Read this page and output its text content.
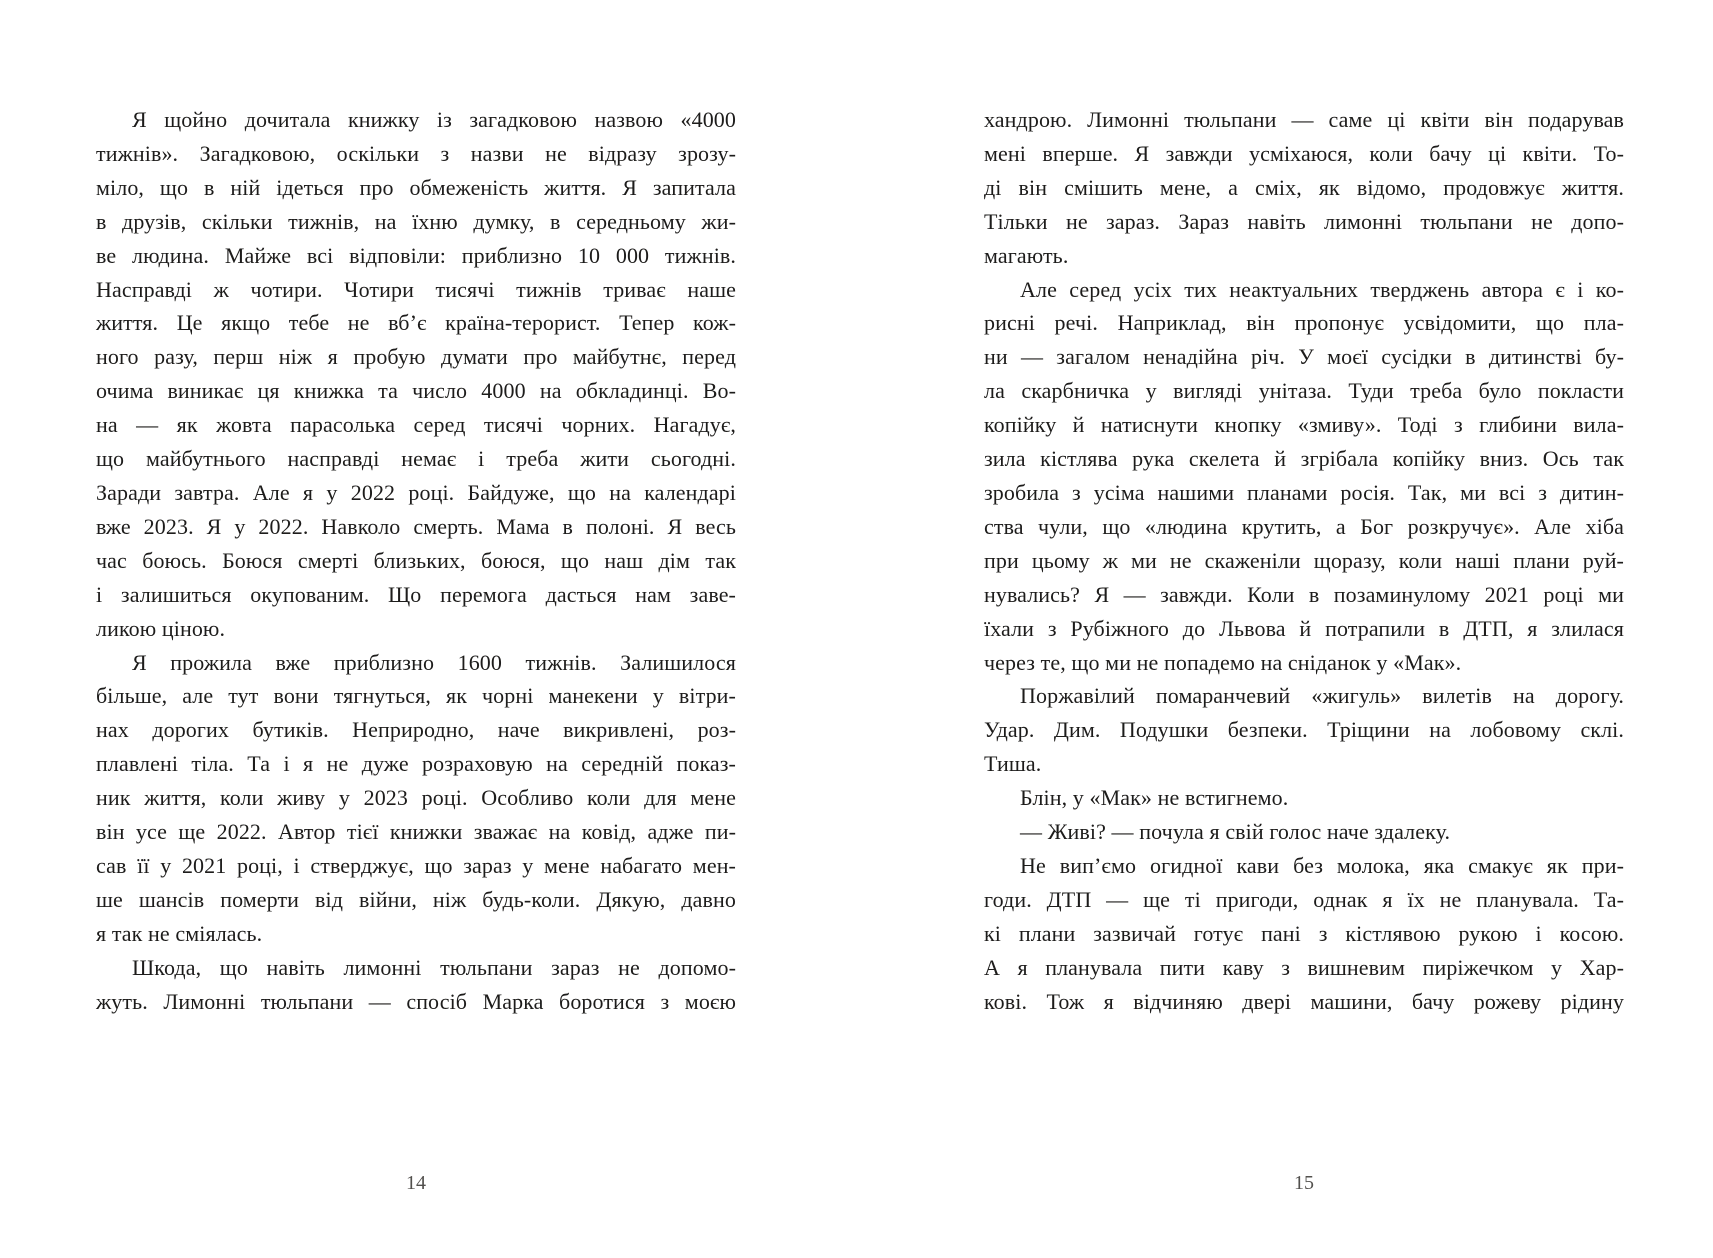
Я щойно дочитала книжку із загадковою назвою «4000
тижнів». Загадковою, оскільки з назви не відразу зрозу-
міло, що в ній ідеться про обмеженість життя. Я запитала
в друзів, скільки тижнів, на їхню думку, в середньому жи-
ве людина. Майже всі відповіли: приблизно 10 000 тижнів.
Насправді ж чотири. Чотири тисячі тижнів триває наше
життя. Це якщо тебе не вб’є країна-терорист. Тепер кож-
ного разу, перш ніж я пробую думати про майбутнє, перед
очима виникає ця книжка та число 4000 на обкладинці. Во-
на — як жовта парасолька серед тисячі чорних. Нагадує,
що майбутнього насправді немає і треба жити сьогодні.
Заради завтра. Але я у 2022 році. Байдуже, що на календарі
вже 2023. Я у 2022. Навколо смерть. Мама в полоні. Я весь
час боюсь. Боюся смерті близьких, боюся, що наш дім так
і залишиться окупованим. Що перемога дасться нам заве-
ликою ціною.
Я прожила вже приблизно 1600 тижнів. Залишилося
більше, але тут вони тягнуться, як чорні манекени у вітри-
нах дорогих бутиків. Неприродно, наче викривлені, роз-
плавлені тіла. Та і я не дуже розраховую на середній показ-
ник життя, коли живу у 2023 році. Особливо коли для мене
він усе ще 2022. Автор тієї книжки зважає на ковід, адже пи-
сав її у 2021 році, і стверджує, що зараз у мене набагато мен-
ше шансів померти від війни, ніж будь-коли. Дякую, давно
я так не сміялась.
Шкода, що навіть лимонні тюльпани зараз не допомо-
жуть. Лимонні тюльпани — спосіб Марка боротися з моєю
14
хандрою. Лимонні тюльпани — саме ці квіти він подарував
мені вперше. Я завжди усміхаюся, коли бачу ці квіти. То-
ді він смішить мене, а сміх, як відомо, продовжує життя.
Тільки не зараз. Зараз навіть лимонні тюльпани не допо-
магають.
Але серед усіх тих неактуальних тверджень автора є і ко-
рисні речі. Наприклад, він пропонує усвідомити, що пла-
ни — загалом ненадійна річ. У моєї сусідки в дитинстві бу-
ла скарбничка у вигляді унітаза. Туди треба було покласти
копійку й натиснути кнопку «змиву». Тоді з глибини вила-
зила кістлява рука скелета й згрібала копійку вниз. Ось так
зробила з усіма нашими планами росія. Так, ми всі з дитин-
ства чули, що «людина крутить, а Бог розкручує». Але хіба
при цьому ж ми не скаженіли щоразу, коли наші плани руй-
нувались? Я — завжди. Коли в позаминулому 2021 році ми
їхали з Рубіжного до Львова й потрапили в ДТП, я злилася
через те, що ми не попадемо на сніданок у «Мак».
Поржавілий помаранчевий «жигуль» вилетів на дорогу.
Удар. Дим. Подушки безпеки. Тріщини на лобовому склі.
Тиша.
Блін, у «Мак» не встигнемо.
— Живі? — почула я свій голос наче здалеку.
Не вип’ємо огидної кави без молока, яка смакує як при-
годи. ДТП — ще ті пригоди, однак я їх не планувала. Та-
кі плани зазвичай готує пані з кістлявою рукою і косою.
А я планувала пити каву з вишневим пиріжечком у Хар-
кові. Тож я відчиняю двері машини, бачу рожеву рідину
15
